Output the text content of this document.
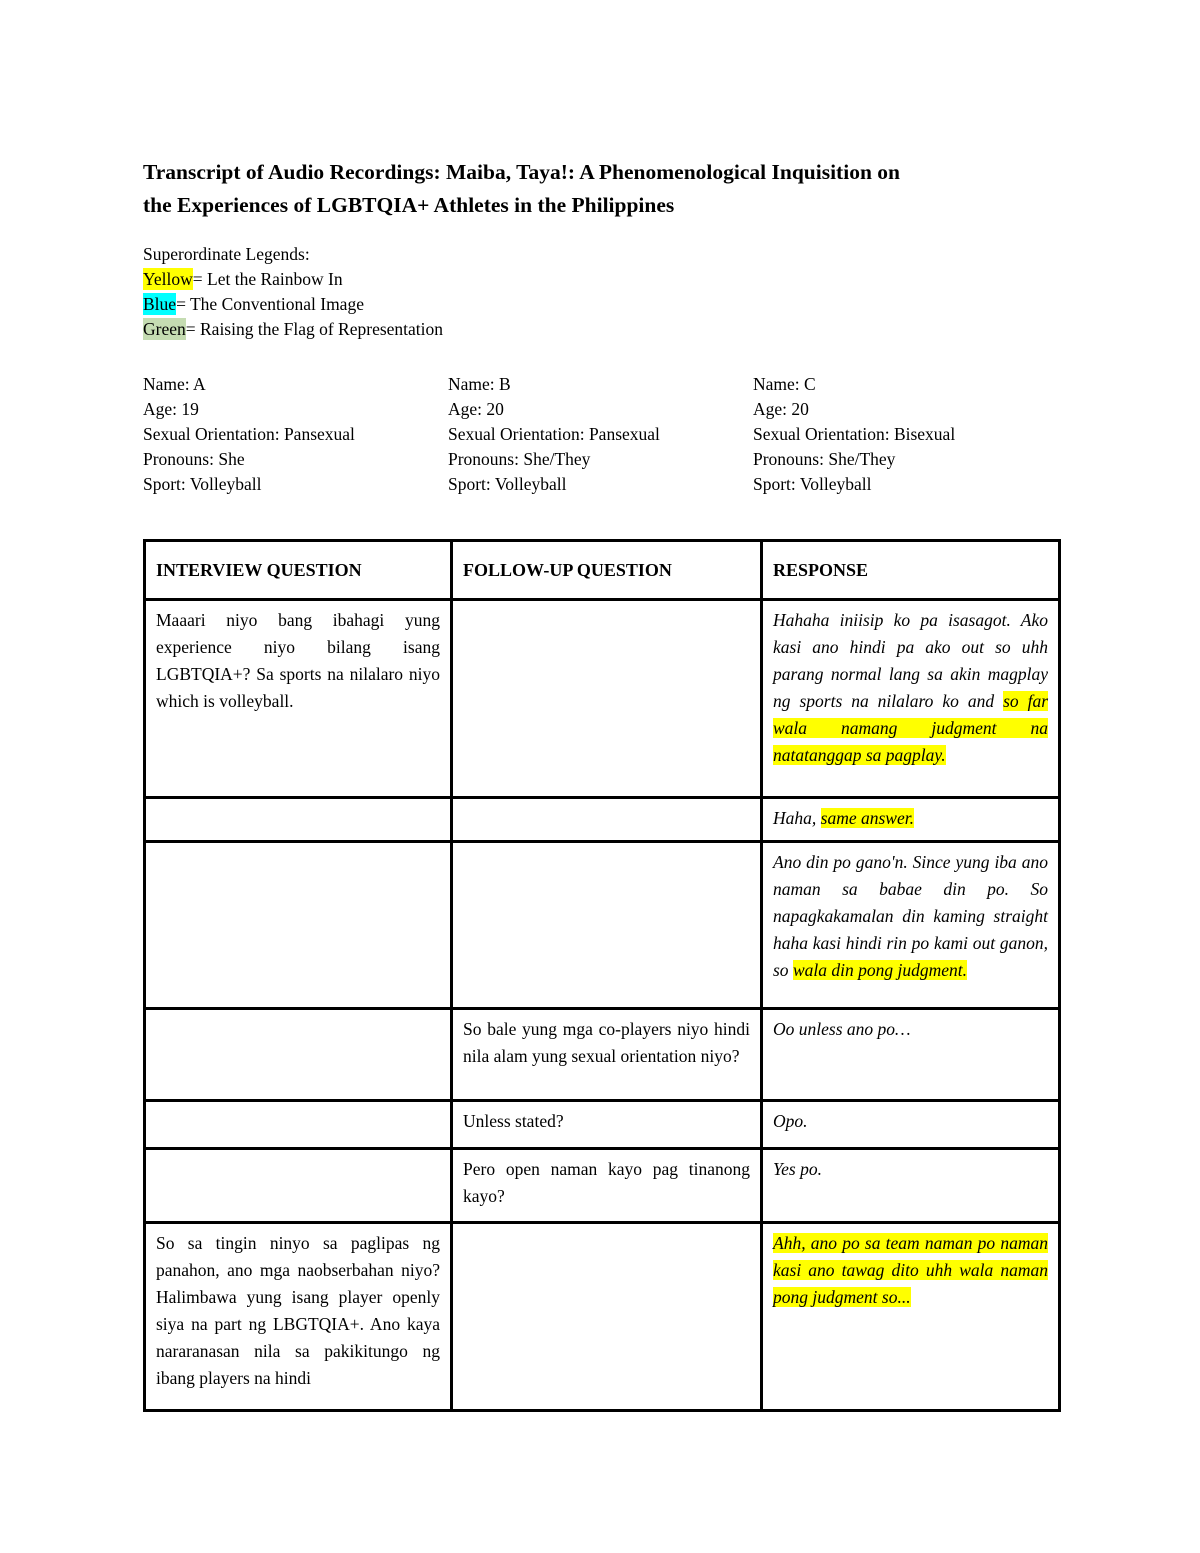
Transcript of Audio Recordings: Maiba, Taya!: A Phenomenological Inquisition on
the Experiences of LGBTQIA+ Athletes in the Philippines

Superordinate Legends:

Yellow= Let the Rainbow In

Blue= The Conventional Image

Green= Raising the Flag of Representation

Name: A

Age: 19

Sexual Orientation: Pansexual

Pronouns: She

Sport: Volleyball

Name: B

Age: 20

Sexual Orientation: Pansexual

Pronouns: She/They

Sport: Volleyball

Name: C

Age: 20

Sexual Orientation: Bisexual

Pronouns: She/They

Sport: Volleyball

INTERVIEW QUESTION	FOLLOW-UP QUESTION	RESPONSE
Maaari niyo bang ibahagi yung experience niyo bilang isang LGBTQIA+? Sa sports na nilalaro niyo which is volleyball.		Hahaha iniisip ko pa isasagot. Ako kasi ano hindi pa ako out so uhh parang normal lang sa akin magplay ng sports na nilalaro ko and so far wala namang judgment na natatanggap sa pagplay.
		Haha, same answer.
		Ano din po gano'n. Since yung iba ano naman sa babae din po. So napagkakamalan din kaming straight haha kasi hindi rin po kami out ganon, so wala din pong judgment.
	So bale yung mga co-players niyo hindi nila alam yung sexual orientation niyo?	Oo unless ano po…
	Unless stated?	Opo.
	Pero open naman kayo pag tinanong kayo?	Yes po.
So sa tingin ninyo sa paglipas ng panahon, ano mga naobserbahan niyo? Halimbawa yung isang player openly siya na part ng LBGTQIA+. Ano kaya nararanasan nila sa pakikitungo ng ibang players na hindi		Ahh, ano po sa team naman po naman kasi ano tawag dito uhh wala naman pong judgment so...
